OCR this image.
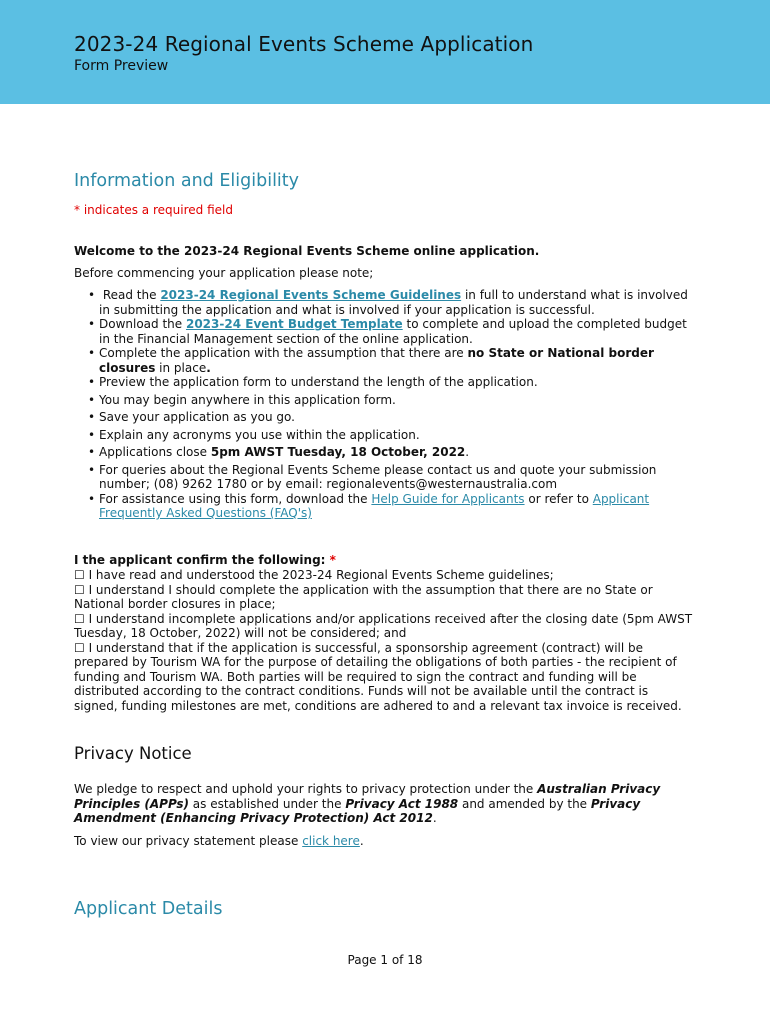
2023-24 Regional Events Scheme Application
Form Preview
Information and Eligibility
* indicates a required field
Welcome to the 2023-24 Regional Events Scheme online application.
Before commencing your application please note;
• Read the 2023-24 Regional Events Scheme Guidelines in full to understand what is involved in submitting the application and what is involved if your application is successful.
• Download the 2023-24 Event Budget Template to complete and upload the completed budget in the Financial Management section of the online application.
• Complete the application with the assumption that there are no State or National border closures in place.
• Preview the application form to understand the length of the application.
• You may begin anywhere in this application form.
• Save your application as you go.
• Explain any acronyms you use within the application.
• Applications close 5pm AWST Tuesday, 18 October, 2022.
• For queries about the Regional Events Scheme please contact us and quote your submission number; (08) 9262 1780 or by email: regionalevents@westernaustralia.com
• For assistance using this form, download the Help Guide for Applicants or refer to Applicant Frequently Asked Questions (FAQ's)
I the applicant confirm the following: *
☐ I have read and understood the 2023-24 Regional Events Scheme guidelines;
☐ I understand I should complete the application with the assumption that there are no State or National border closures in place;
☐ I understand incomplete applications and/or applications received after the closing date (5pm AWST Tuesday, 18 October, 2022) will not be considered; and
☐ I understand that if the application is successful, a sponsorship agreement (contract) will be prepared by Tourism WA for the purpose of detailing the obligations of both parties - the recipient of funding and Tourism WA. Both parties will be required to sign the contract and funding will be distributed according to the contract conditions. Funds will not be available until the contract is signed, funding milestones are met, conditions are adhered to and a relevant tax invoice is received.
Privacy Notice
We pledge to respect and uphold your rights to privacy protection under the Australian Privacy Principles (APPs) as established under the Privacy Act 1988 and amended by the Privacy Amendment (Enhancing Privacy Protection) Act 2012.
To view our privacy statement please click here.
Applicant Details
Page 1 of 18
